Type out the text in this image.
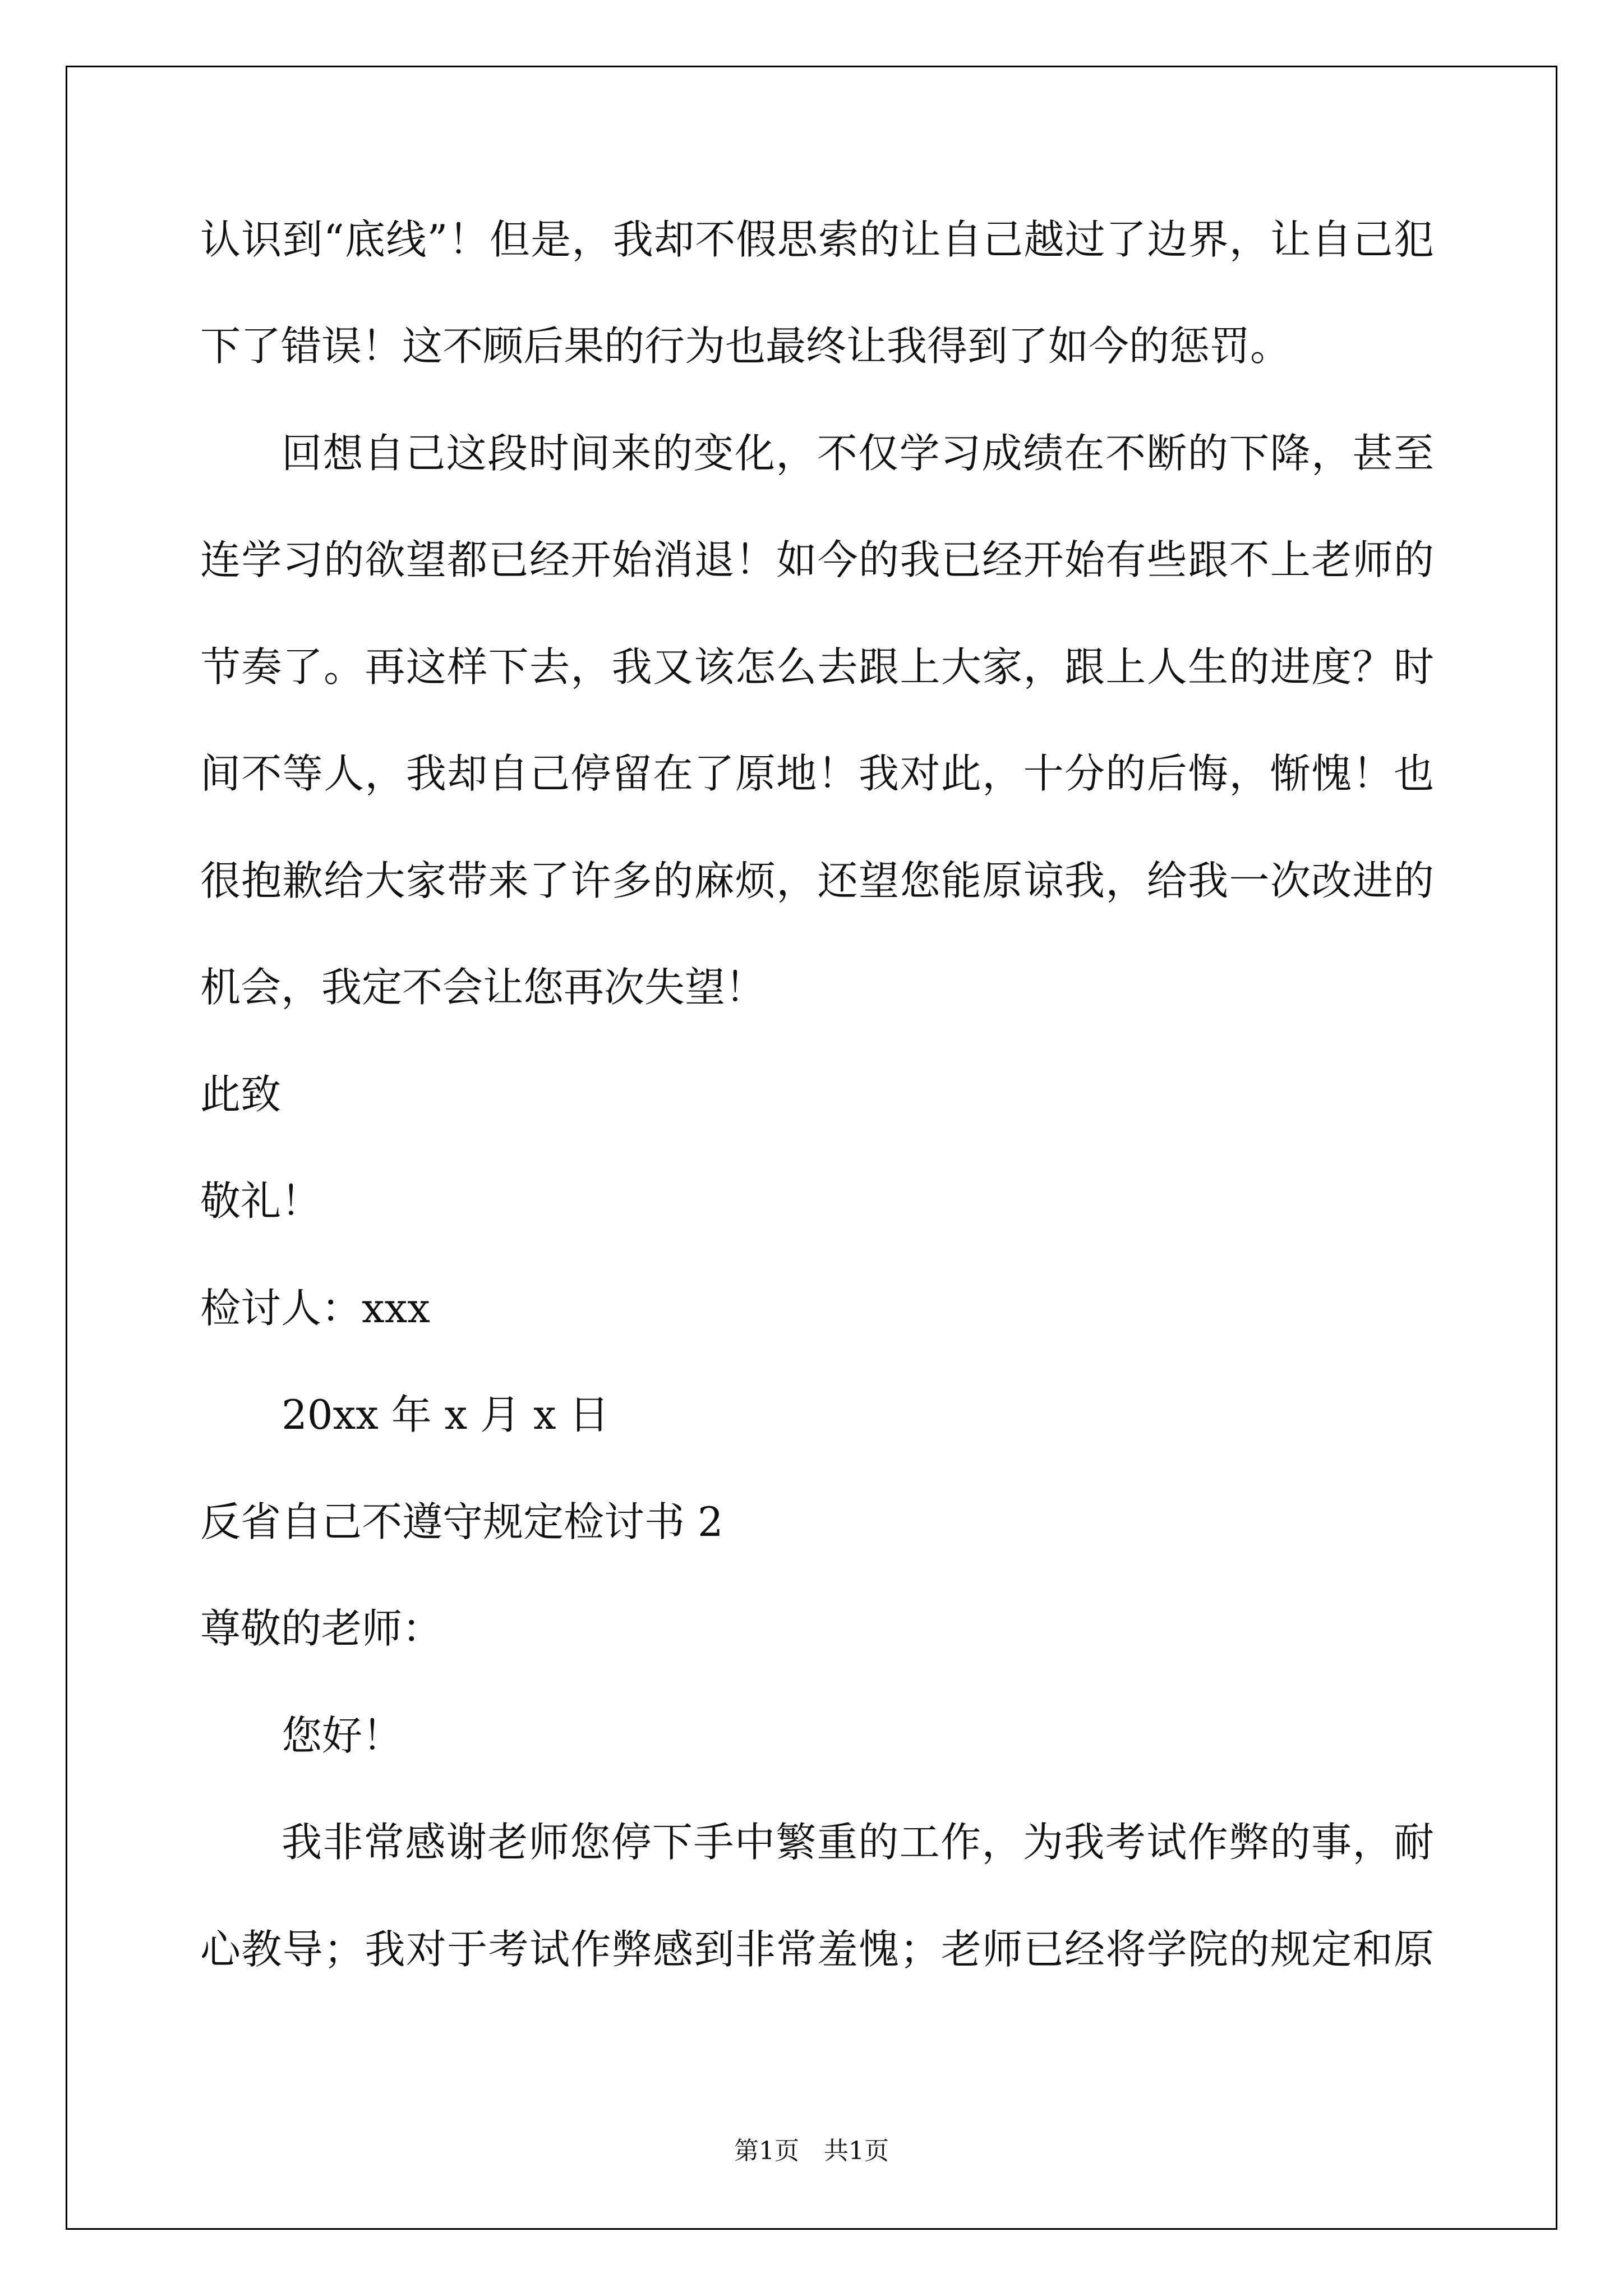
认识到“底线”！但是，我却不假思索的让自己越过了边界，让自己犯
下了错误！这不顾后果的行为也最终让我得到了如今的惩罚。
回想自己这段时间来的变化，不仅学习成绩在不断的下降，甚至
连学习的欲望都已经开始消退！如今的我已经开始有些跟不上老师的
节奏了。再这样下去，我又该怎么去跟上大家，跟上人生的进度？时
间不等人，我却自己停留在了原地！我对此，十分的后悔，惭愧！也
很抱歉给大家带来了许多的麻烦，还望您能原谅我，给我一次改进的
机会，我定不会让您再次失望！
此致
敬礼！
检讨人：xxx
20xx 年 x 月 x 日
反省自己不遵守规定检讨书 2
尊敬的老师：
您好！
我非常感谢老师您停下手中繁重的工作，为我考试作弊的事，耐
心教导；我对于考试作弊感到非常羞愧；老师已经将学院的规定和原
第1页　共1页
